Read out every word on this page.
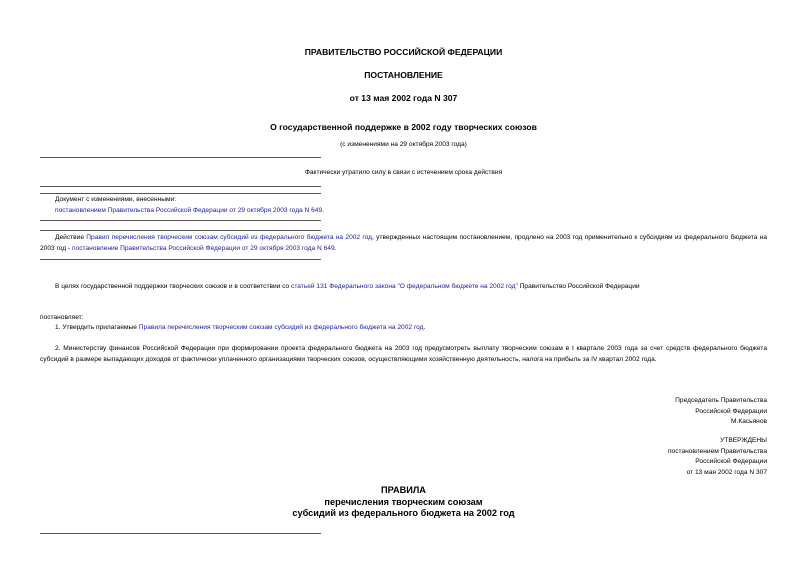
ПРАВИТЕЛЬСТВО РОССИЙСКОЙ ФЕДЕРАЦИИ
ПОСТАНОВЛЕНИЕ
от 13 мая 2002 года N 307
О государственной поддержке в 2002 году творческих союзов
(с изменениями на 29 октября 2003 года)
Фактически утратило силу в связи с истечением срока действия
Документ с изменениями, внесенными:
постановлением Правительства Российской Федерации от 29 октября 2003 года N 649.
Действие Правил перечисления творческим союзам субсидий из федерального бюджета на 2002 год, утвержденных настоящим постановлением, продлено на 2003 год применительно к субсидиям из федерального бюджета на 2003 год - постановление Правительства Российской Федерации от 29 октября 2003 года N 649.
В целях государственной поддержки творческих союзов и в соответствии со статьей 131 Федерального закона "О федеральном бюджете на 2002 год" Правительство Российской Федерации
постановляет:
1. Утвердить прилагаемые Правила перечисления творческим союзам субсидий из федерального бюджета на 2002 год.
2. Министерству финансов Российской Федерации при формировании проекта федерального бюджета на 2003 год предусмотреть выплату творческим союзам в I квартале 2003 года за счет средств федерального бюджета субсидий в размере выпадающих доходов от фактически уплаченного организациями творческих союзов, осуществляющими хозяйственную деятельность, налога на прибыль за IV квартал 2002 года.
Председатель Правительства
Российской Федерации
М.Касьянов
УТВЕРЖДЕНЫ
постановлением Правительства
Российской Федерации
от 13 мая 2002 года N 307
ПРАВИЛА
перечисления творческим союзам
субсидий из федерального бюджета на 2002 год
